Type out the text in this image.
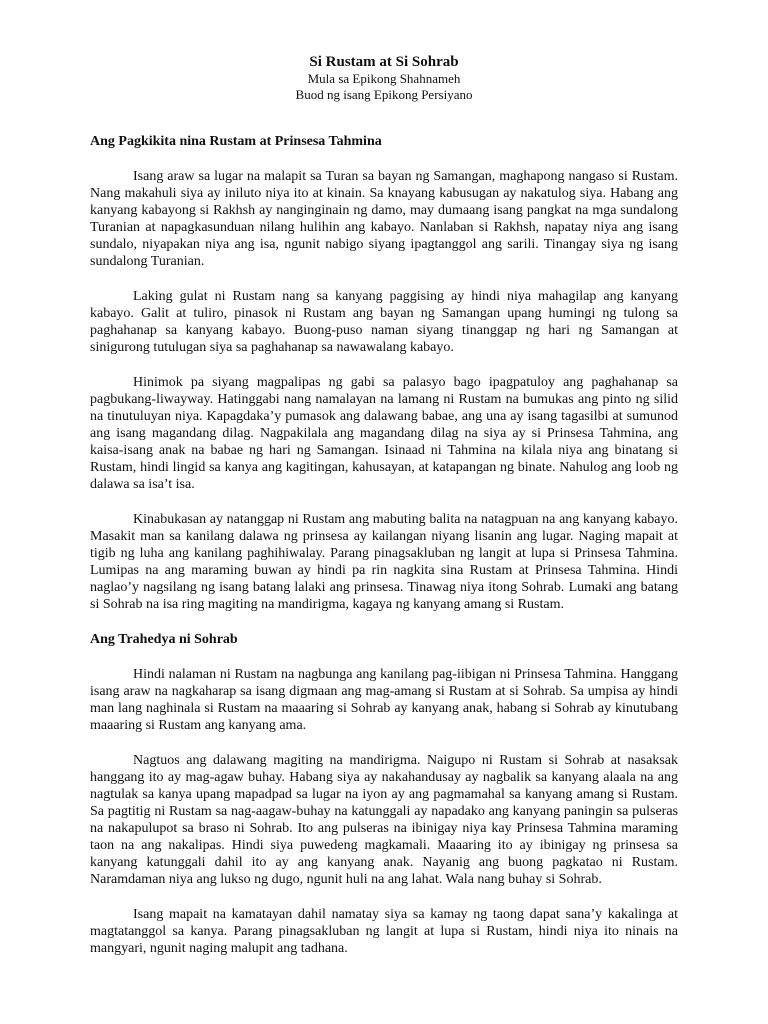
Si Rustam at Si Sohrab

Mula sa Epikong Shahnameh

Buod ng isang Epikong Persiyano

Ang Pagkikita nina Rustam at Prinsesa Tahmina

Isang araw sa lugar na malapit sa Turan sa bayan ng Samangan, maghapong nangaso si Rustam. Nang makahuli siya ay iniluto niya ito at kinain. Sa knayang kabusugan ay nakatulog siya. Habang ang kanyang kabayong si Rakhsh ay nanginginain ng damo, may dumaang isang pangkat na mga sundalong Turanian at napagkasunduan nilang hulihin ang kabayo. Nanlaban si Rakhsh, napatay niya ang isang sundalo, niyapakan niya ang isa, ngunit nabigo siyang ipagtanggol ang sarili. Tinangay siya ng isang sundalong Turanian.

Laking gulat ni Rustam nang sa kanyang paggising ay hindi niya mahagilap ang kanyang kabayo. Galit at tuliro, pinasok ni Rustam ang bayan ng Samangan upang humingi ng tulong sa paghahanap sa kanyang kabayo. Buong-puso naman siyang tinanggap ng hari ng Samangan at sinigurong tutulugan siya sa paghahanap sa nawawalang kabayo.

Hinimok pa siyang magpalipas ng gabi sa palasyo bago ipagpatuloy ang paghahanap sa pagbukang-liwayway. Hatinggabi nang namalayan na lamang ni Rustam na bumukas ang pinto ng silid na tinutuluyan niya. Kapagdaka’y pumasok ang dalawang babae, ang una ay isang tagasilbi at sumunod ang isang magandang dilag. Nagpakilala ang magandang dilag na siya ay si Prinsesa Tahmina, ang kaisa-isang anak na babae ng hari ng Samangan. Isinaad ni Tahmina na kilala niya ang binatang si Rustam, hindi lingid sa kanya ang kagitingan, kahusayan, at katapangan ng binate. Nahulog ang loob ng dalawa sa isa’t isa.

Kinabukasan ay natanggap ni Rustam ang mabuting balita na natagpuan na ang kanyang kabayo. Masakit man sa kanilang dalawa ng prinsesa ay kailangan niyang lisanin ang lugar. Naging mapait at tigib ng luha ang kanilang paghihiwalay. Parang pinagsakluban ng langit at lupa si Prinsesa Tahmina. Lumipas na ang maraming buwan ay hindi pa rin nagkita sina Rustam at Prinsesa Tahmina. Hindi naglao’y nagsilang ng isang batang lalaki ang prinsesa. Tinawag niya itong Sohrab. Lumaki ang batang si Sohrab na isa ring magiting na mandirigma, kagaya ng kanyang amang si Rustam.

Ang Trahedya ni Sohrab

Hindi nalaman ni Rustam na nagbunga ang kanilang pag-iibigan ni Prinsesa Tahmina. Hanggang isang araw na nagkaharap sa isang digmaan ang mag-amang si Rustam at si Sohrab. Sa umpisa ay hindi man lang naghinala si Rustam na maaaring si Sohrab ay kanyang anak, habang si Sohrab ay kinutubang maaaring si Rustam ang kanyang ama.

Nagtuos ang dalawang magiting na mandirigma. Naigupo ni Rustam si Sohrab at nasaksak hanggang ito ay mag-agaw buhay. Habang siya ay nakahandusay ay nagbalik sa kanyang alaala na ang nagtulak sa kanya upang mapadpad sa lugar na iyon ay ang pagmamahal sa kanyang amang si Rustam. Sa pagtitig ni Rustam sa nag-aagaw-buhay na katunggali ay napadako ang kanyang paningin sa pulseras na nakapulupot sa braso ni Sohrab. Ito ang pulseras na ibinigay niya kay Prinsesa Tahmina maraming taon na ang nakalipas. Hindi siya puwedeng magkamali. Maaaring ito ay ibinigay ng prinsesa sa kanyang katunggali dahil ito ay ang kanyang anak. Nayanig ang buong pagkatao ni Rustam. Naramdaman niya ang lukso ng dugo, ngunit huli na ang lahat. Wala nang buhay si Sohrab.

Isang mapait na kamatayan dahil namatay siya sa kamay ng taong dapat sana’y kakalinga at magtatanggol sa kanya. Parang pinagsakluban ng langit at lupa si Rustam, hindi niya ito ninais na mangyari, ngunit naging malupit ang tadhana.
